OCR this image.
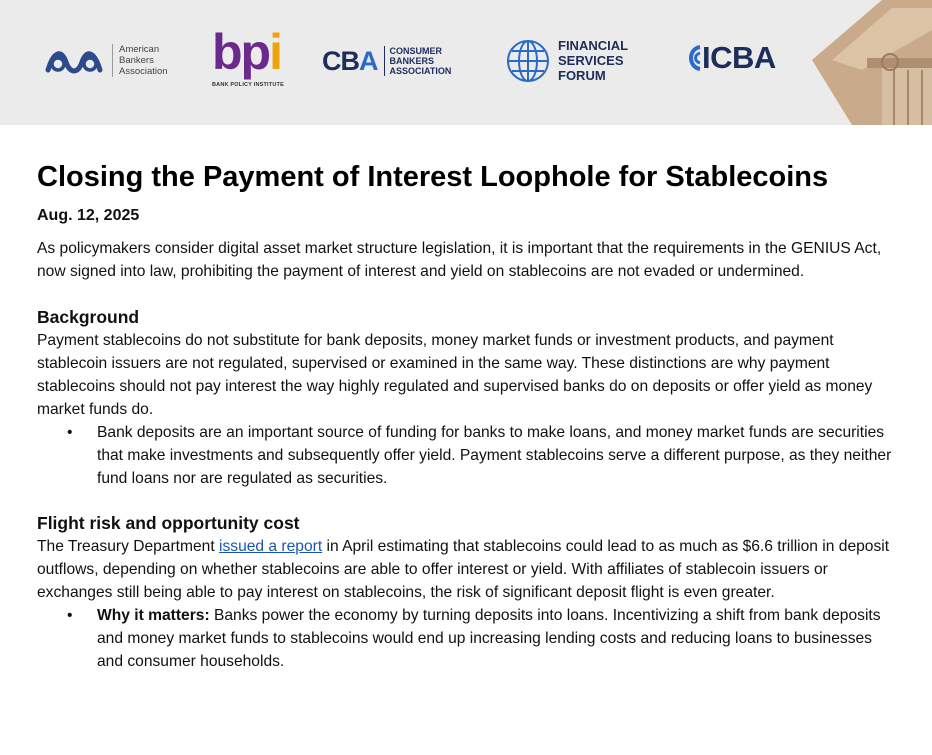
American
Bankers
Association bpi
BANK POLICY INSTITUTE
CBA CONSUMER
BANKERS
ASSOCIATION
FINANCIAL
SERVICES
FORUM
ICBA
Closing the Payment of Interest Loophole for Stablecoins
Aug. 12, 2025

As policymakers consider digital asset market structure legislation, it is important that the requirements in the GENIUS Act, now signed into law, prohibiting the payment of interest and yield on stablecoins are not evaded or undermined.

Background

Payment stablecoins do not substitute for bank deposits, money market funds or investment products, and payment stablecoin issuers are not regulated, supervised or examined in the same way. These distinctions are why payment stablecoins should not pay interest the way highly regulated and supervised banks do on deposits or offer yield as money market funds do.

• Bank deposits are an important source of funding for banks to make loans, and money market funds are securities that make investments and subsequently offer yield. Payment stablecoins serve a different purpose, as they neither fund loans nor are regulated as securities.
Flight risk and opportunity cost

The Treasury Department issued a report in April estimating that stablecoins could lead to as much as $6.6 trillion in deposit outflows, depending on whether stablecoins are able to offer interest or yield. With affiliates of stablecoin issuers or exchanges still being able to pay interest on stablecoins, the risk of significant deposit flight is even greater.

• Why it matters: Banks power the economy by turning deposits into loans. Incentivizing a shift from bank deposits and money market funds to stablecoins would end up increasing lending costs and reducing loans to businesses and consumer households.
